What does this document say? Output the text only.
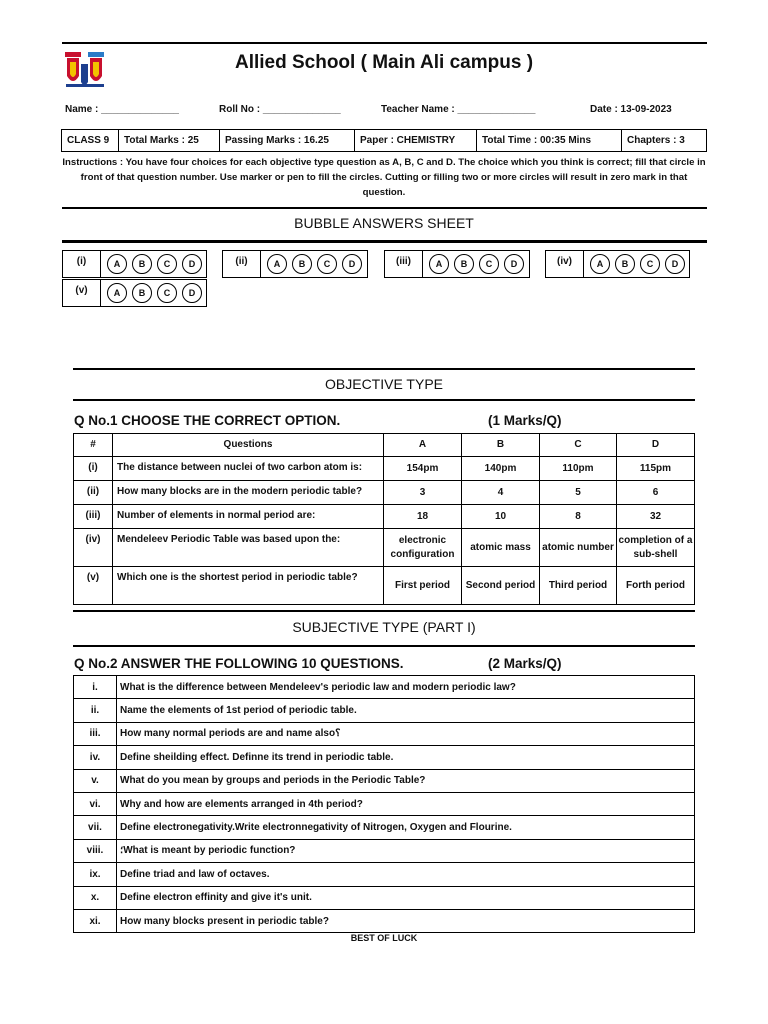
Allied School ( Main Ali campus )
Name : ______________	Roll No : ______________	Teacher Name : ______________	Date : 13-09-2023
CLASS 9	Total Marks : 25	Passing Marks : 16.25	Paper : CHEMISTRY	Total Time : 00:35 Mins	Chapters : 3
Instructions : You have four choices for each objective type question as A, B, C and D. The choice which you think is correct; fill that circle in front of that question number. Use marker or pen to fill the circles. Cutting or filling two or more circles will result in zero mark in that question.
BUBBLE ANSWERS SHEET
(i)	A	B	C	D	(ii)	A	B	C	D	(iii)	A	B	C	D	(iv)	A	B	C	D
(v)	A	B	C	D
OBJECTIVE TYPE
Q No.1 CHOOSE THE CORRECT OPTION.	(1 Marks/Q)
#	Questions	A	B	C	D
(i)	The distance between nuclei of two carbon atom is:	154pm	140pm	110pm	115pm
(ii)	How many blocks are in the modern periodic table?	3	4	5	6
(iii)	Number of elements in normal period are:	18	10	8	32
(iv)	Mendeleev Periodic Table was based upon the:	electronic configuration	atomic mass	atomic number	completion of a sub-shell
(v)	Which one is the shortest period in periodic table?	First period	Second period	Third period	Forth period
SUBJECTIVE TYPE (PART I)
Q No.2 ANSWER THE FOLLOWING 10 QUESTIONS.	(2 Marks/Q)
i.	What is the difference between Mendeleev's periodic law and modern periodic law?
ii.	Name the elements of 1st period of periodic table.
iii.	How many normal periods are and name also؟
iv.	Define sheilding effect. Definne its trend in periodic table.
v.	What do you mean by groups and periods in the Periodic Table?
vi.	Why and how are elements arranged in 4th period?
vii.	Define electronegativity.Write electronnegativity of Nitrogen, Oxygen and Flourine.
viii.	؛What is meant by periodic function?
ix.	Define triad and law of octaves.
x.	Define electron effinity and give it's unit.
xi.	How many blocks present in periodic table?
BEST OF LUCK
